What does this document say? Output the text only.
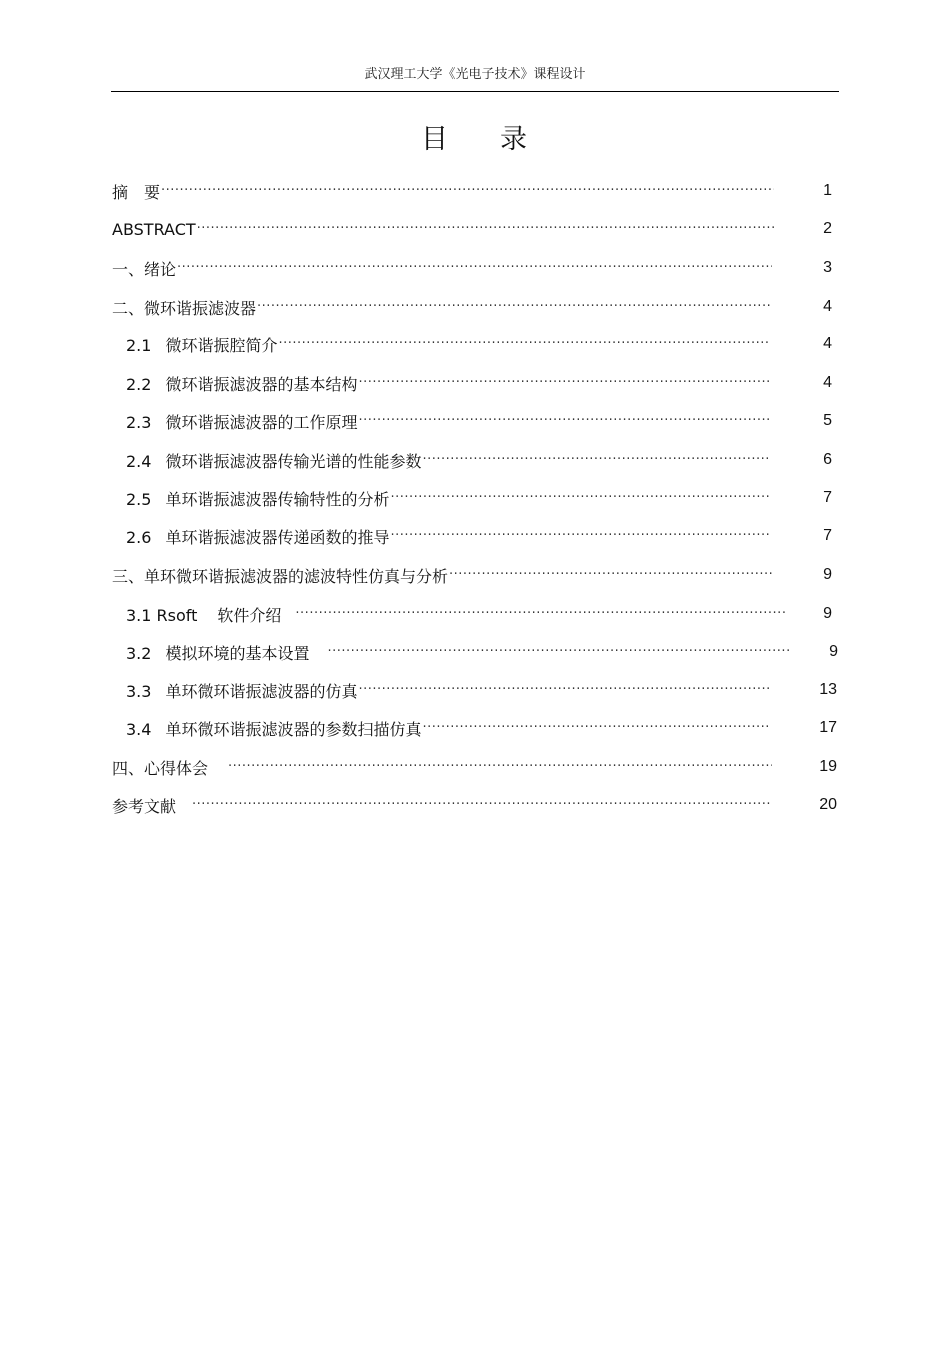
武汉理工大学《光电子技术》课程设计
目 录
摘　要 ·····	1
ABSTRACT ·····	2
一、绪论 ·····	3
二、微环谐振滤波器 ·····	4
2.1 微环谐振腔简介 ·····	4
2.2 微环谐振滤波器的基本结构 ·····	4
2.3 微环谐振滤波器的工作原理 ·····	5
2.4 微环谐振滤波器传输光谱的性能参数 ·····	6
2.5 单环谐振滤波器传输特性的分析 ·····	7
2.6 单环谐振滤波器传递函数的推导 ·····	7
三、单环微环谐振滤波器的滤波特性仿真与分析 ·····	9
3.1 Rsoft 软件介绍 ·····	9
3.2 模拟环境的基本设置 ·····	9
3.3 单环微环谐振滤波器的仿真 ·····	13
3.4 单环微环谐振滤波器的参数扫描仿真 ·····	17
四、心得体会 ·····	19
参考文献 ·····	20
